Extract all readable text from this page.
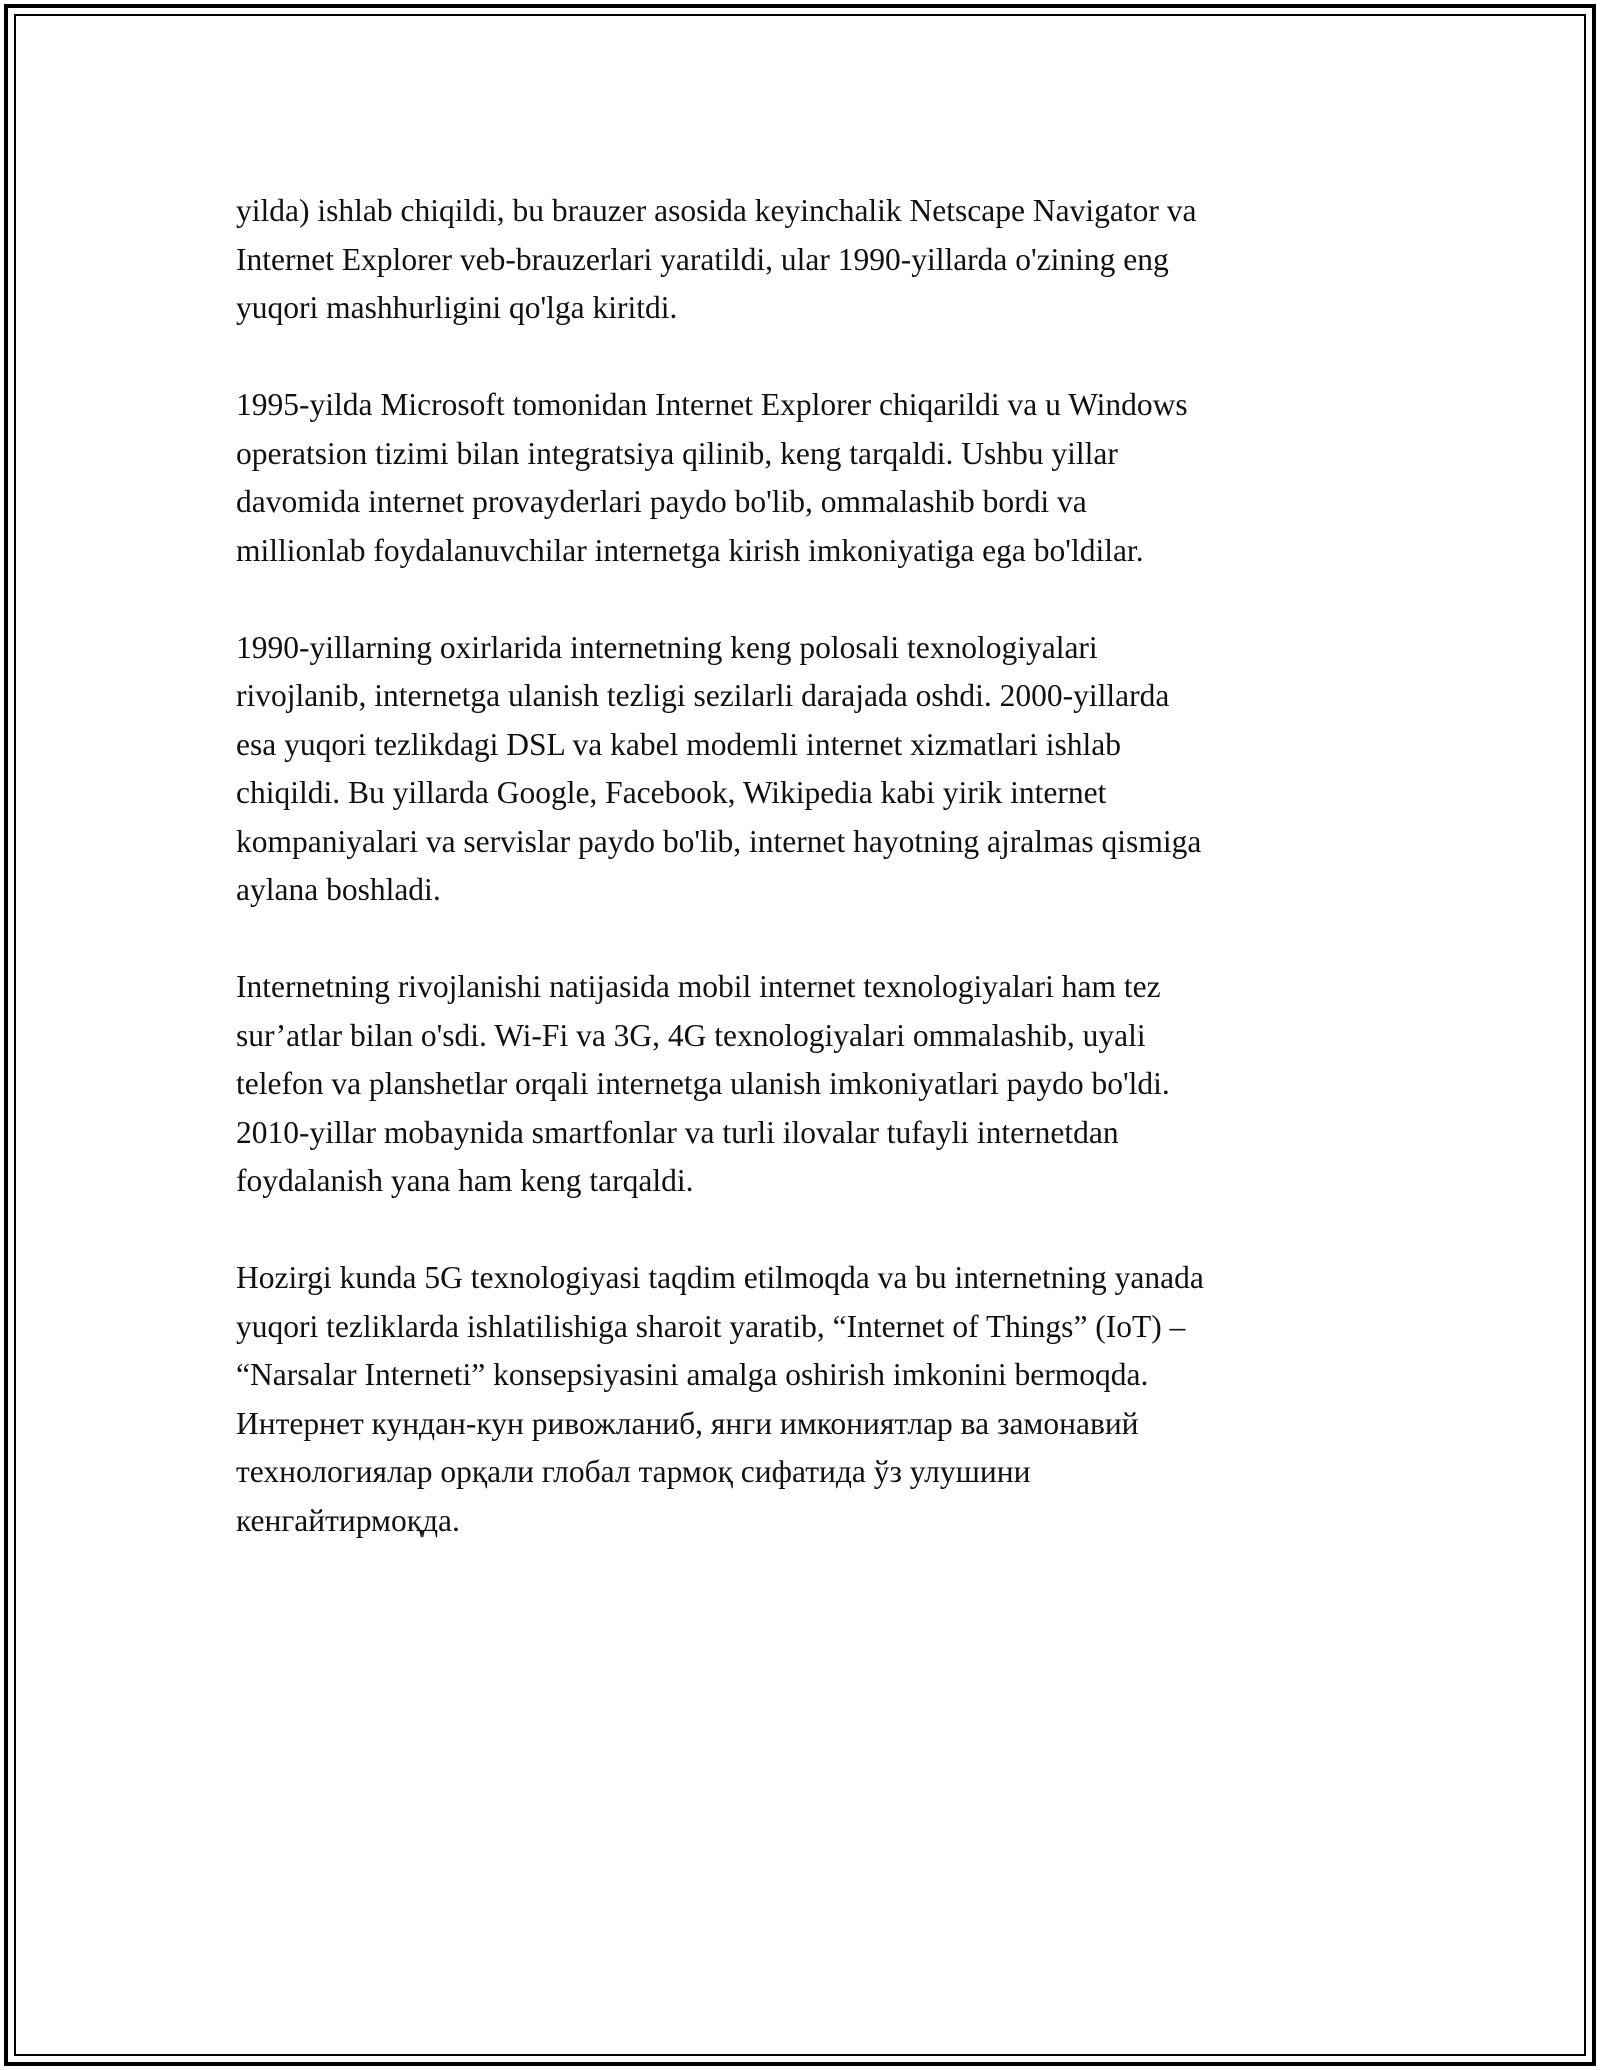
yilda) ishlab chiqildi, bu brauzer asosida keyinchalik Netscape Navigator va
Internet Explorer veb-brauzerlari yaratildi, ular 1990-yillarda o'zining eng
yuqori mashhurligini qo'lga kiritdi.

1995-yilda Microsoft tomonidan Internet Explorer chiqarildi va u Windows
operatsion tizimi bilan integratsiya qilinib, keng tarqaldi. Ushbu yillar
davomida internet provayderlari paydo bo'lib, ommalashib bordi va
millionlab foydalanuvchilar internetga kirish imkoniyatiga ega bo'ldilar.

1990-yillarning oxirlarida internetning keng polosali texnologiyalari
rivojlanib, internetga ulanish tezligi sezilarli darajada oshdi. 2000-yillarda
esa yuqori tezlikdagi DSL va kabel modemli internet xizmatlari ishlab
chiqildi. Bu yillarda Google, Facebook, Wikipedia kabi yirik internet
kompaniyalari va servislar paydo bo'lib, internet hayotning ajralmas qismiga
aylana boshladi.

Internetning rivojlanishi natijasida mobil internet texnologiyalari ham tez
sur’atlar bilan o'sdi. Wi-Fi va 3G, 4G texnologiyalari ommalashib, uyali
telefon va planshetlar orqali internetga ulanish imkoniyatlari paydo bo'ldi.
2010-yillar mobaynida smartfonlar va turli ilovalar tufayli internetdan
foydalanish yana ham keng tarqaldi.

Hozirgi kunda 5G texnologiyasi taqdim etilmoqda va bu internetning yanada
yuqori tezliklarda ishlatilishiga sharoit yaratib, “Internet of Things” (IoT) –
“Narsalar Interneti” konsepsiyasini amalga oshirish imkonini bermoqda.
Интернет кундан-кун ривожланиб, янги имкониятлар ва замонавий
технологиялар орқали глобал тармоқ сифатида ўз улушини
кенгайтирмоқда.
